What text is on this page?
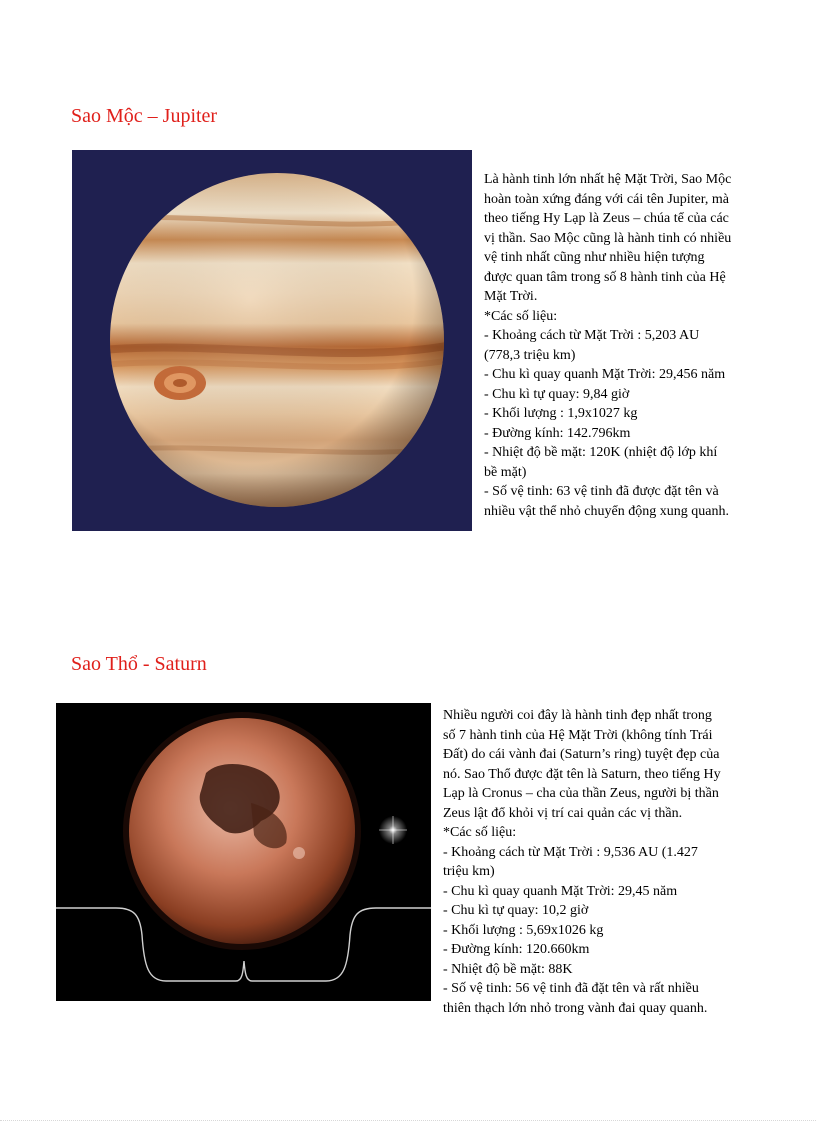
Sao Mộc – Jupiter
Là hành tinh lớn nhất hệ Mặt Trời, Sao Mộc
hoàn toàn xứng đáng với cái tên Jupiter, mà
theo tiếng Hy Lạp là Zeus – chúa tể của các
vị thần. Sao Mộc cũng là hành tinh có nhiều
vệ tinh nhất cũng như nhiều hiện tượng
được quan tâm trong số 8 hành tinh của Hệ
Mặt Trời.
*Các số liệu:
- Khoảng cách từ Mặt Trời : 5,203 AU
(778,3 triệu km)
- Chu kì quay quanh Mặt Trời: 29,456 năm
- Chu kì tự quay: 9,84 giờ
- Khối lượng : 1,9x1027 kg
- Đường kính: 142.796km
- Nhiệt độ bề mặt: 120K (nhiệt độ lớp khí
bề mặt)
- Số vệ tinh: 63 vệ tinh đã được đặt tên và
nhiều vật thể nhỏ chuyển động xung quanh.
Sao Thổ - Saturn
Nhiều người coi đây là hành tinh đẹp nhất trong
số 7 hành tinh của Hệ Mặt Trời (không tính Trái
Đất) do cái vành đai (Saturn’s ring) tuyệt đẹp của
nó. Sao Thổ được đặt tên là Saturn, theo tiếng Hy
Lạp là Cronus – cha của thần Zeus, người bị thần
Zeus lật đổ khỏi vị trí cai quản các vị thần.
*Các số liệu:
- Khoảng cách từ Mặt Trời : 9,536 AU (1.427
triệu km)
- Chu kì quay quanh Mặt Trời: 29,45 năm
- Chu kì tự quay: 10,2 giờ
- Khối lượng : 5,69x1026 kg
- Đường kính: 120.660km
- Nhiệt độ bề mặt: 88K
- Số vệ tinh: 56 vệ tinh đã đặt tên và rất nhiều
thiên thạch lớn nhỏ trong vành đai quay quanh.
